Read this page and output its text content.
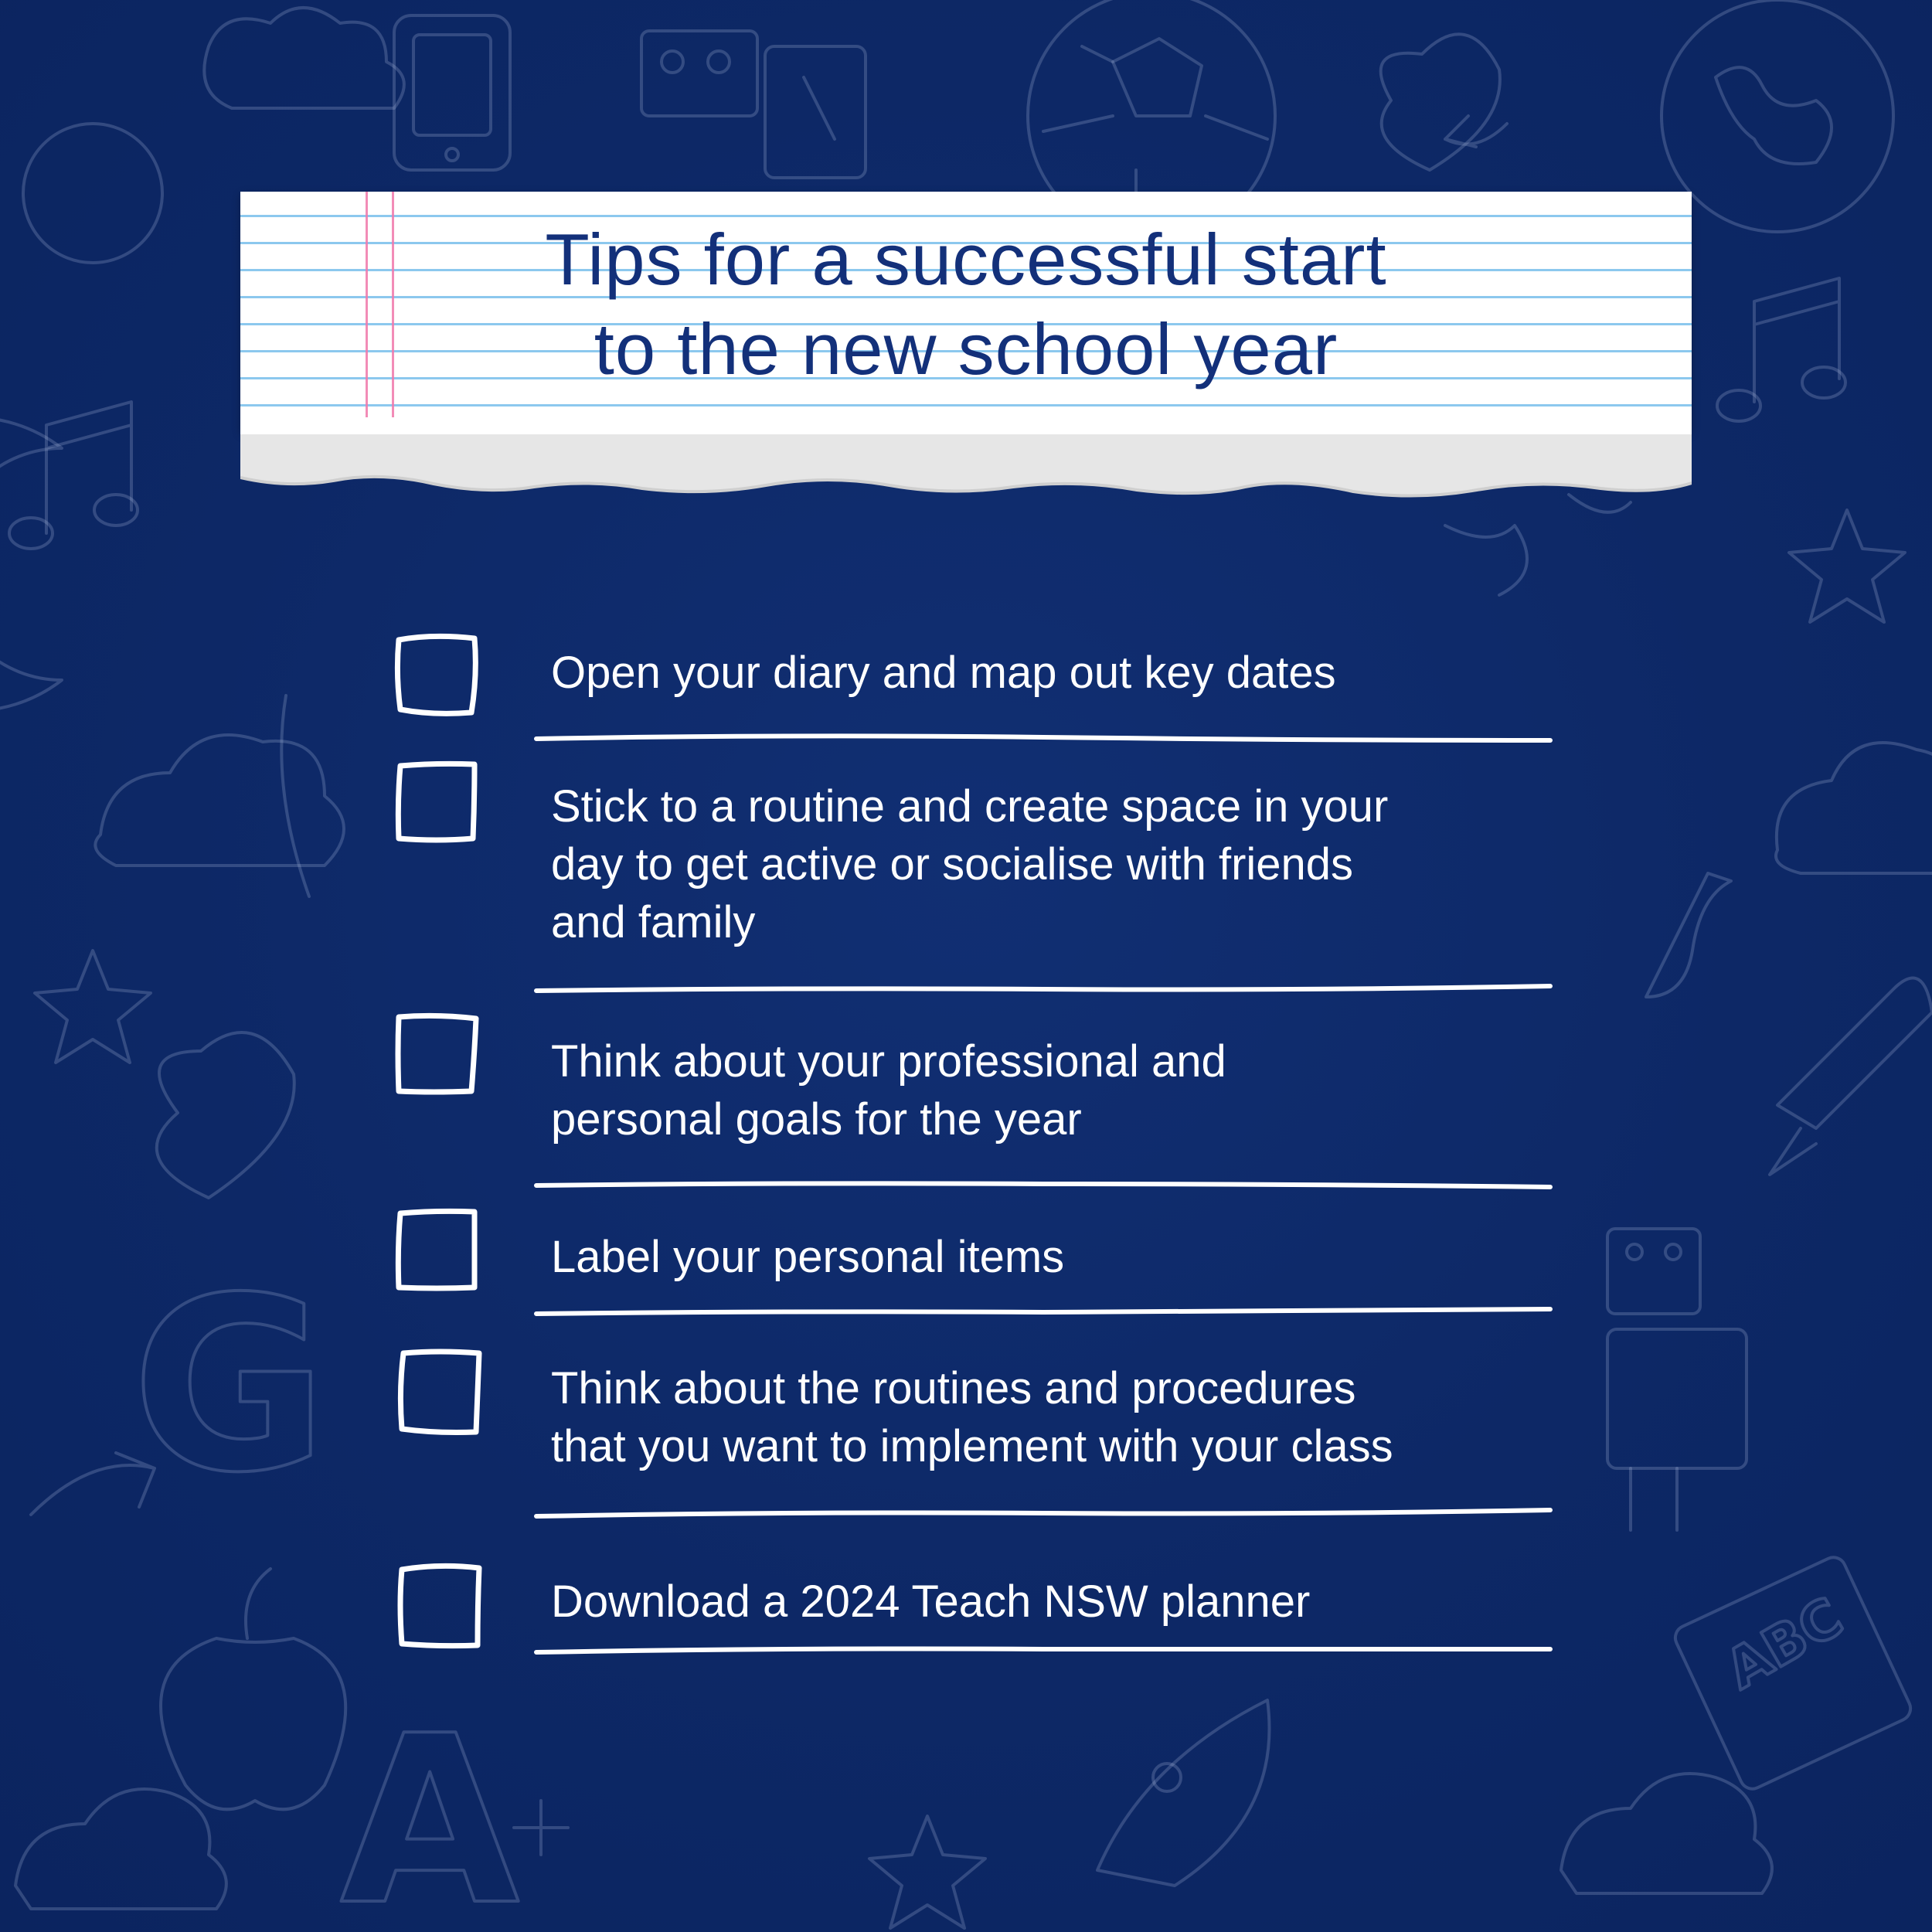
G
A
ABC
Tips for a successful start
to the new school year
Open your diary and map out key dates
Stick to a routine and create space in your
day to get active or socialise with friends
and family
Think about your professional and
personal goals for the year
Label your personal items
Think about the routines and procedures
that you want to implement with your class
Download a 2024 Teach NSW planner
